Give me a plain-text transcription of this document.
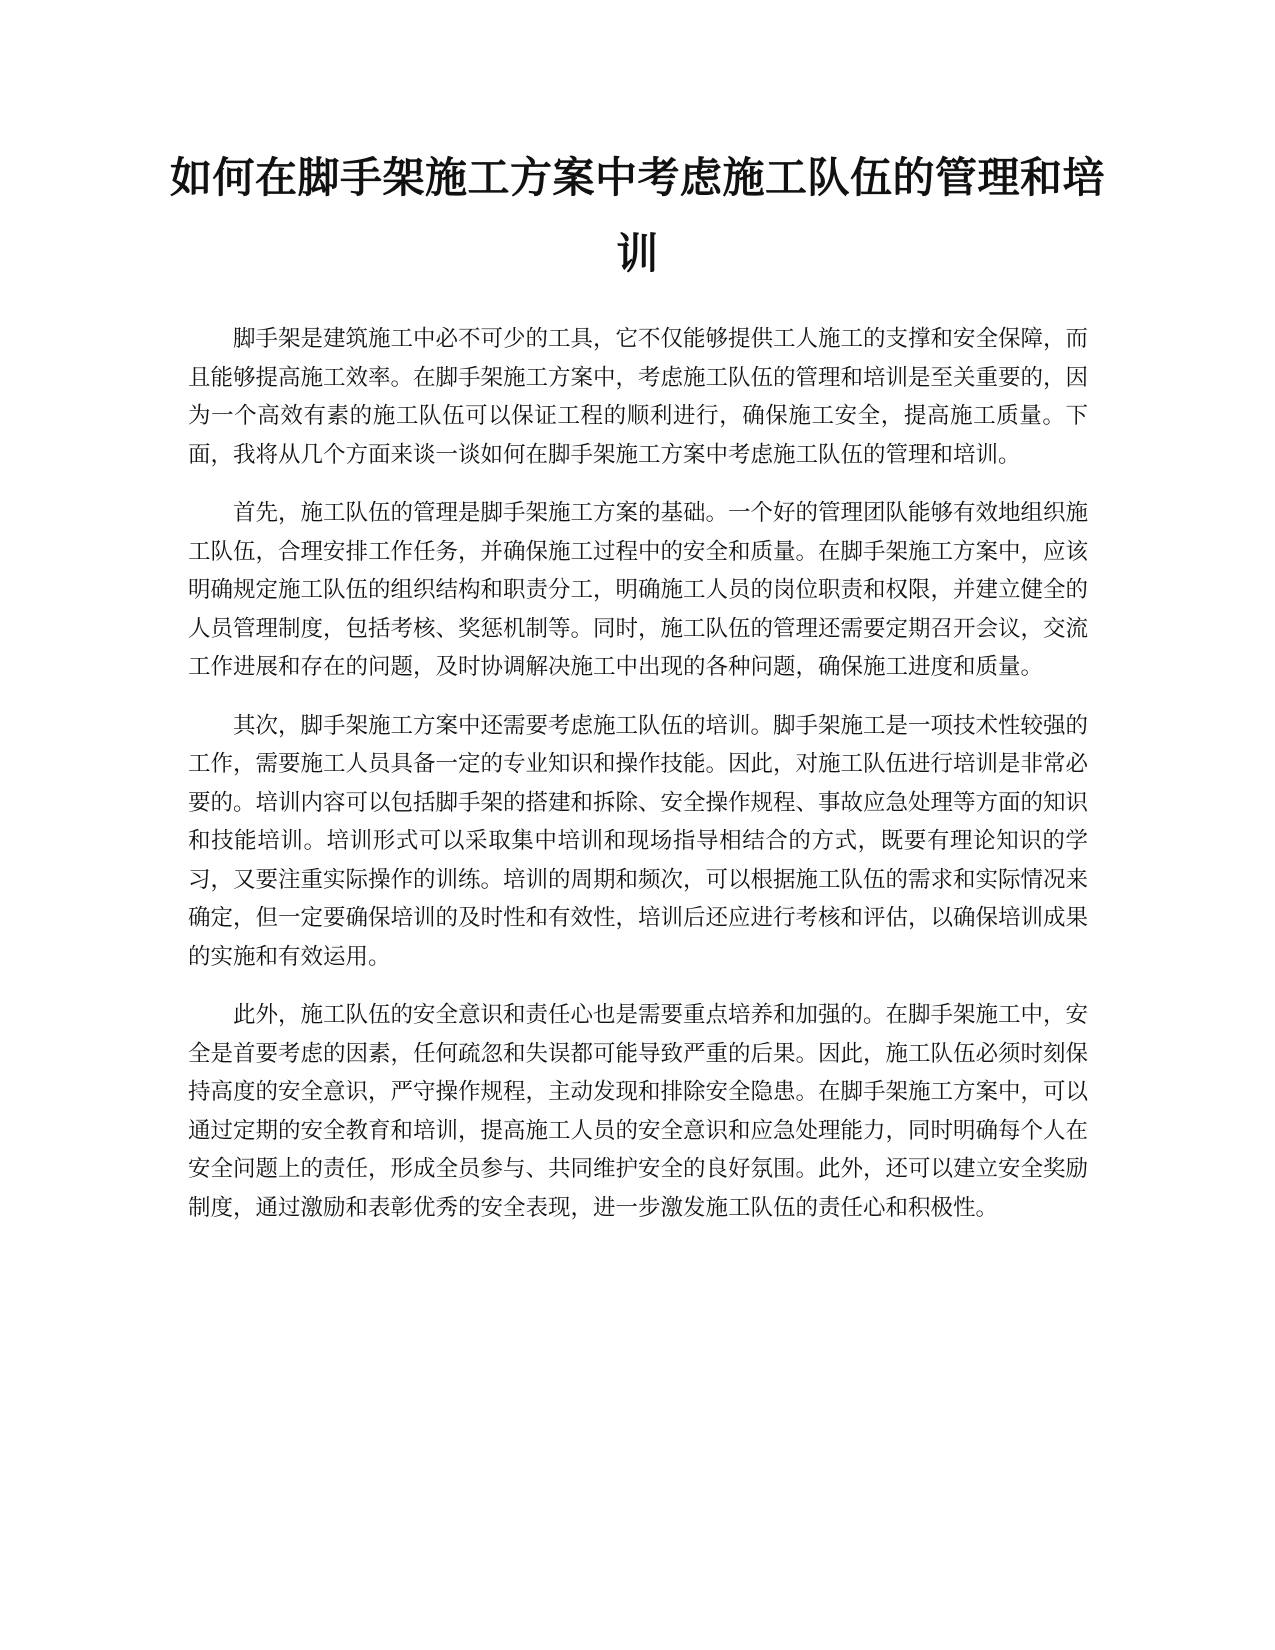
如何在脚手架施工方案中考虑施工队伍的管理和培训

脚手架是建筑施工中必不可少的工具，它不仅能够提供工人施工的支撑和安全保障，而且能够提高施工效率。在脚手架施工方案中，考虑施工队伍的管理和培训是至关重要的，因为一个高效有素的施工队伍可以保证工程的顺利进行，确保施工安全，提高施工质量。下面，我将从几个方面来谈一谈如何在脚手架施工方案中考虑施工队伍的管理和培训。

首先，施工队伍的管理是脚手架施工方案的基础。一个好的管理团队能够有效地组织施工队伍，合理安排工作任务，并确保施工过程中的安全和质量。在脚手架施工方案中，应该明确规定施工队伍的组织结构和职责分工，明确施工人员的岗位职责和权限，并建立健全的人员管理制度，包括考核、奖惩机制等。同时，施工队伍的管理还需要定期召开会议，交流工作进展和存在的问题，及时协调解决施工中出现的各种问题，确保施工进度和质量。

其次，脚手架施工方案中还需要考虑施工队伍的培训。脚手架施工是一项技术性较强的工作，需要施工人员具备一定的专业知识和操作技能。因此，对施工队伍进行培训是非常必要的。培训内容可以包括脚手架的搭建和拆除、安全操作规程、事故应急处理等方面的知识和技能培训。培训形式可以采取集中培训和现场指导相结合的方式，既要有理论知识的学习，又要注重实际操作的训练。培训的周期和频次，可以根据施工队伍的需求和实际情况来确定，但一定要确保培训的及时性和有效性，培训后还应进行考核和评估，以确保培训成果的实施和有效运用。

此外，施工队伍的安全意识和责任心也是需要重点培养和加强的。在脚手架施工中，安全是首要考虑的因素，任何疏忽和失误都可能导致严重的后果。因此，施工队伍必须时刻保持高度的安全意识，严守操作规程，主动发现和排除安全隐患。在脚手架施工方案中，可以通过定期的安全教育和培训，提高施工人员的安全意识和应急处理能力，同时明确每个人在安全问题上的责任，形成全员参与、共同维护安全的良好氛围。此外，还可以建立安全奖励制度，通过激励和表彰优秀的安全表现，进一步激发施工队伍的责任心和积极性。
